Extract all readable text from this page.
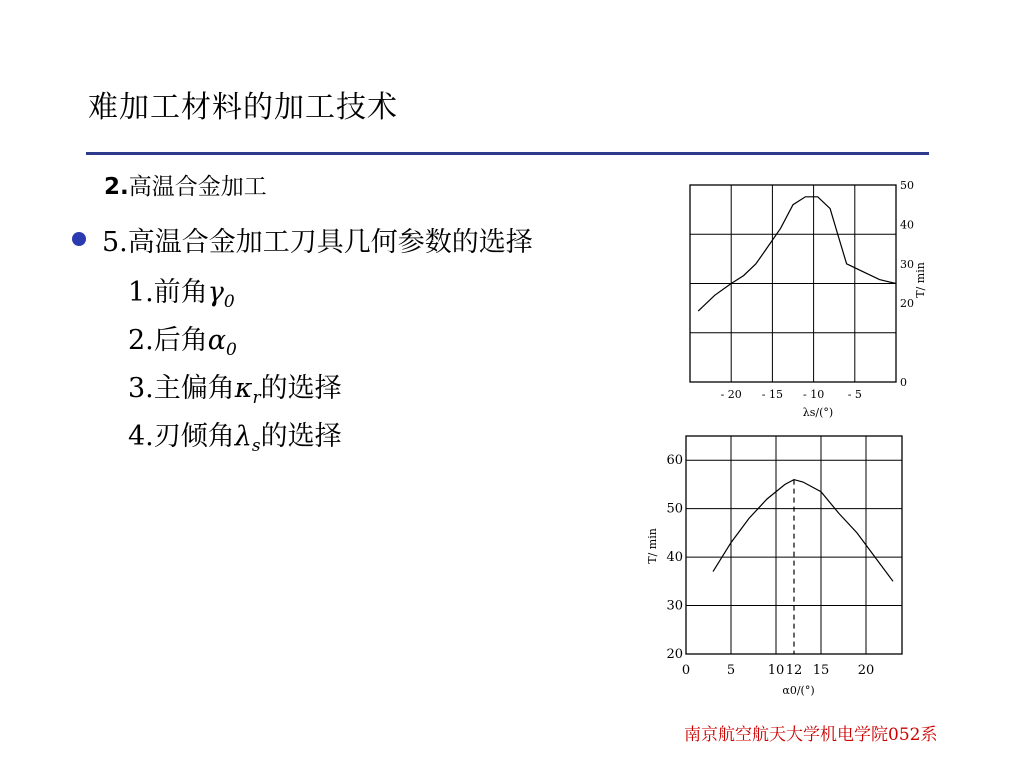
难加工材料的加工技术
2.高温合金加工
5.高温合金加工刀具几何参数的选择
1.前角$\gamma_0$
2.后角$\alpha_0$
3.主偏角$\kappa_r$的选择
4.刃倾角$\lambda_s$的选择
- 20 - 15 - 10 - 5
0
20
30
40
50
λs/(°)
T/ min
0	5	10 12 15 20
20
30
40
50
60
α0/(°)
T/ min
南京航空航天大学机电学院052系
